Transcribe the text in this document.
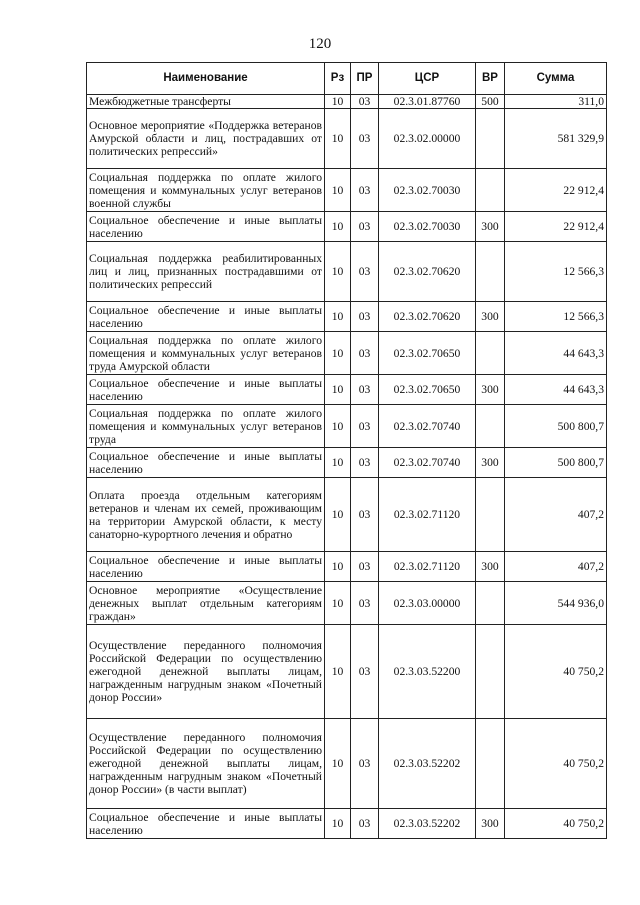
120
Наименование	Рз	ПР	ЦСР	ВР	Сумма
Межбюджетные трансферты	10	03	02.3.01.87760	500	311,0
Основное мероприятие «Поддержка ветеранов Амурской области и лиц, пострадавших от политических репрессий»	10	03	02.3.02.00000		581 329,9
Социальная поддержка по оплате жилого помещения и коммунальных услуг ветеранов военной службы	10	03	02.3.02.70030		22 912,4
Социальное обеспечение и иные выплаты населению	10	03	02.3.02.70030	300	22 912,4
Социальная поддержка реабилитированных лиц и лиц, признанных пострадавшими от политических репрессий	10	03	02.3.02.70620		12 566,3
Социальное обеспечение и иные выплаты населению	10	03	02.3.02.70620	300	12 566,3
Социальная поддержка по оплате жилого помещения и коммунальных услуг ветеранов труда Амурской области	10	03	02.3.02.70650		44 643,3
Социальное обеспечение и иные выплаты населению	10	03	02.3.02.70650	300	44 643,3
Социальная поддержка по оплате жилого помещения и коммунальных услуг ветеранов труда	10	03	02.3.02.70740		500 800,7
Социальное обеспечение и иные выплаты населению	10	03	02.3.02.70740	300	500 800,7
Оплата проезда отдельным категориям ветеранов и членам их семей, проживающим на территории Амурской области, к месту санаторно-курортного лечения и обратно	10	03	02.3.02.71120		407,2
Социальное обеспечение и иные выплаты населению	10	03	02.3.02.71120	300	407,2
Основное мероприятие «Осуществление денежных выплат отдельным категориям граждан»	10	03	02.3.03.00000		544 936,0
Осуществление переданного полномочия Российской Федерации по осуществлению ежегодной денежной выплаты лицам, награжденным нагрудным знаком «Почетный донор России»	10	03	02.3.03.52200		40 750,2
Осуществление переданного полномочия Российской Федерации по осуществлению ежегодной денежной выплаты лицам, награжденным нагрудным знаком «Почетный донор России» (в части выплат)	10	03	02.3.03.52202		40 750,2
Социальное обеспечение и иные выплаты населению	10	03	02.3.03.52202	300	40 750,2
